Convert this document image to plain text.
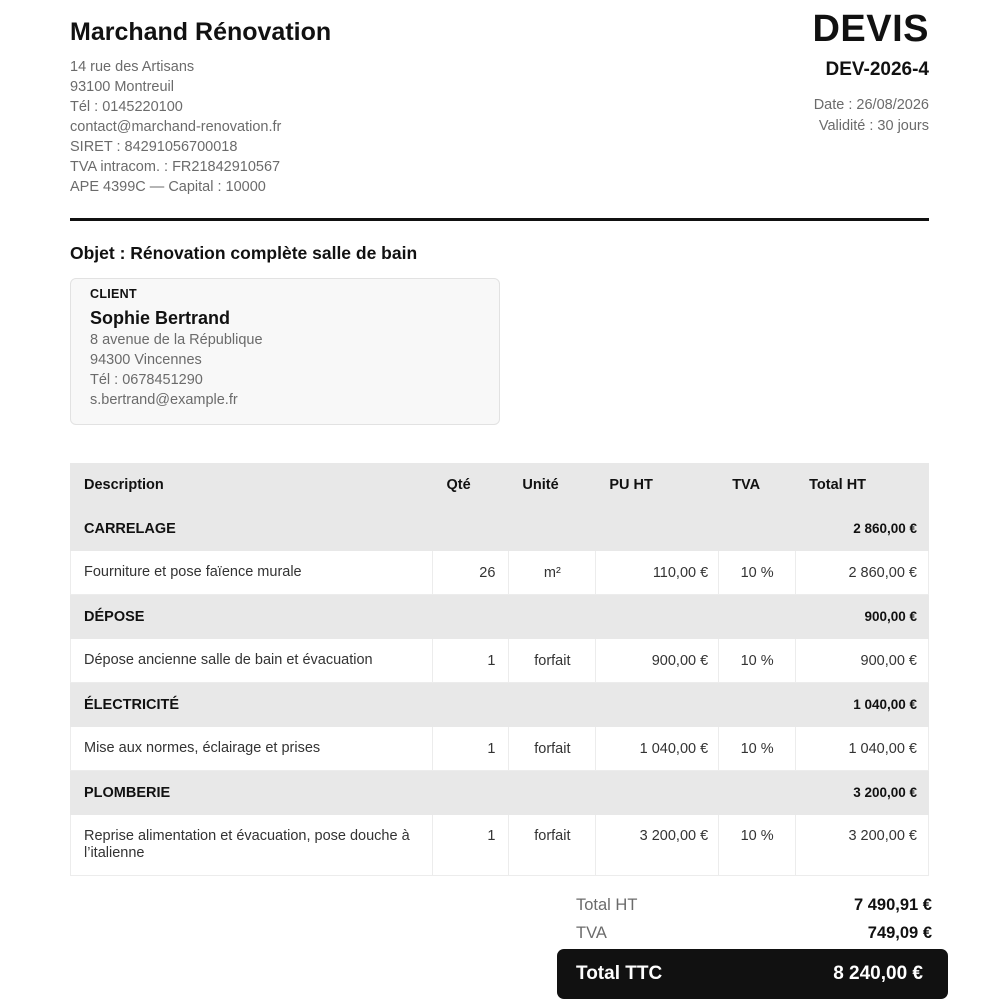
Marchand Rénovation
14 rue des Artisans
93100 Montreuil
Tél : 0145220100
contact@marchand-renovation.fr
SIRET : 84291056700018
TVA intracom. : FR21842910567
APE 4399C — Capital : 10000
DEVIS
DEV-2026-4
Date : 26/08/2026
Validité : 30 jours
Objet : Rénovation complète salle de bain
CLIENT
Sophie Bertrand
8 avenue de la République
94300 Vincennes
Tél : 0678451290
s.bertrand@example.fr
Description	Qté	Unité	PU HT	TVA	Total HT
CARRELAGE					2 860,00 €
Fourniture et pose faïence murale	26	m²	110,00 €	10 %	2 860,00 €
DÉPOSE					900,00 €
Dépose ancienne salle de bain et évacuation	1	forfait	900,00 €	10 %	900,00 €
ÉLECTRICITÉ					1 040,00 €
Mise aux normes, éclairage et prises	1	forfait	1 040,00 €	10 %	1 040,00 €
PLOMBERIE					3 200,00 €
Reprise alimentation et évacuation, pose douche à l’italienne	1	forfait	3 200,00 €	10 %	3 200,00 €
Total HT	7 490,91 €
TVA	749,09 €
Total TTC	8 240,00 €
